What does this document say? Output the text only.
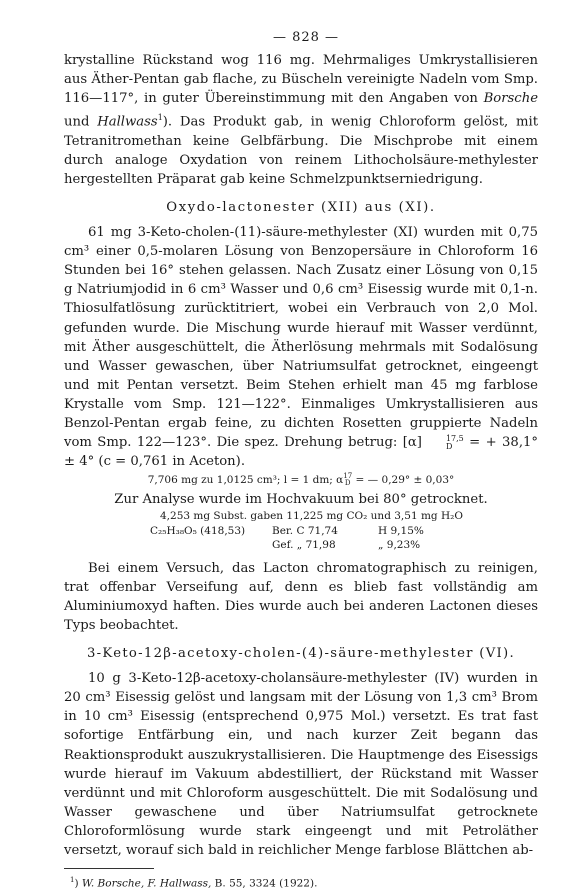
— 828 —

krystalline Rückstand wog 116 mg. Mehrmaliges Umkrystallisieren aus Äther-Pentan gab flache, zu Büscheln vereinigte Nadeln vom Smp. 116—117°, in guter Übereinstimmung mit den Angaben von Borsche und Hallwass$^1$). Das Produkt gab, in wenig Chloroform gelöst, mit Tetranitromethan keine Gelbfärbung. Die Mischprobe mit einem durch analoge Oxydation von reinem Lithocholsäure-methylester hergestellten Präparat gab keine Schmelzpunktserniedrigung.

Oxydo-lactonester (XII) aus (XI).

61 mg 3-Keto-cholen-(11)-säure-methylester (XI) wurden mit 0,75 cm³ einer 0,5-molaren Lösung von Benzopersäure in Chloroform 16 Stunden bei 16° stehen gelassen. Nach Zusatz einer Lösung von 0,15 g Natriumjodid in 6 cm³ Wasser und 0,6 cm³ Eisessig wurde mit 0,1-n. Thiosulfatlösung zurücktitriert, wobei ein Verbrauch von 2,0 Mol. gefunden wurde. Die Mischung wurde hierauf mit Wasser verdünnt, mit Äther ausgeschüttelt, die Ätherlösung mehrmals mit Sodalösung und Wasser gewaschen, über Natriumsulfat getrocknet, eingeengt und mit Pentan versetzt. Beim Stehen erhielt man 45 mg farblose Krystalle vom Smp. 121—122°. Einmaliges Umkrystallisieren aus Benzol-Pentan ergab feine, zu dichten Rosetten gruppierte Nadeln vom Smp. 122—123°. Die spez. Drehung betrug: [α]	17,5
D = + 38,1° ± 4° (c = 0,761 in Aceton).

7,706 mg zu 1,0125 cm³; l = 1 dm; α 17
D = — 0,29° ± 0,03°
Zur Analyse wurde im Hochvakuum bei 80° getrocknet.
4,253 mg Subst. gaben 11,225 mg CO₂ und 3,51 mg H₂O
C₂₅H₃₈O₅ (418,53)	Ber. C 71,74	H 9,15%
Gef. „ 71,98	„ 9,23%

Bei einem Versuch, das Lacton chromatographisch zu reinigen, trat offenbar Verseifung auf, denn es blieb fast vollständig am Aluminiumoxyd haften. Dies wurde auch bei anderen Lactonen dieses Typs beobachtet.

3-Keto-12β-acetoxy-cholen-(4)-säure-methylester (VI).

10 g 3-Keto-12β-acetoxy-cholansäure-methylester (IV) wurden in 20 cm³ Eisessig gelöst und langsam mit der Lösung von 1,3 cm³ Brom in 10 cm³ Eisessig (entsprechend 0,975 Mol.) versetzt. Es trat fast sofortige Entfärbung ein, und nach kurzer Zeit begann das Reaktionsprodukt auszukrystallisieren. Die Hauptmenge des Eisessigs wurde hierauf im Vakuum abdestilliert, der Rückstand mit Wasser verdünnt und mit Chloroform ausgeschüttelt. Die mit Sodalösung und Wasser gewaschene und über Natriumsulfat getrocknete Chloroformlösung wurde stark eingeengt und mit Petroläther versetzt, worauf sich bald in reichlicher Menge farblose Blättchen ab-

$^1$) W. Borsche, F. Hallwass, B. 55, 3324 (1922).
